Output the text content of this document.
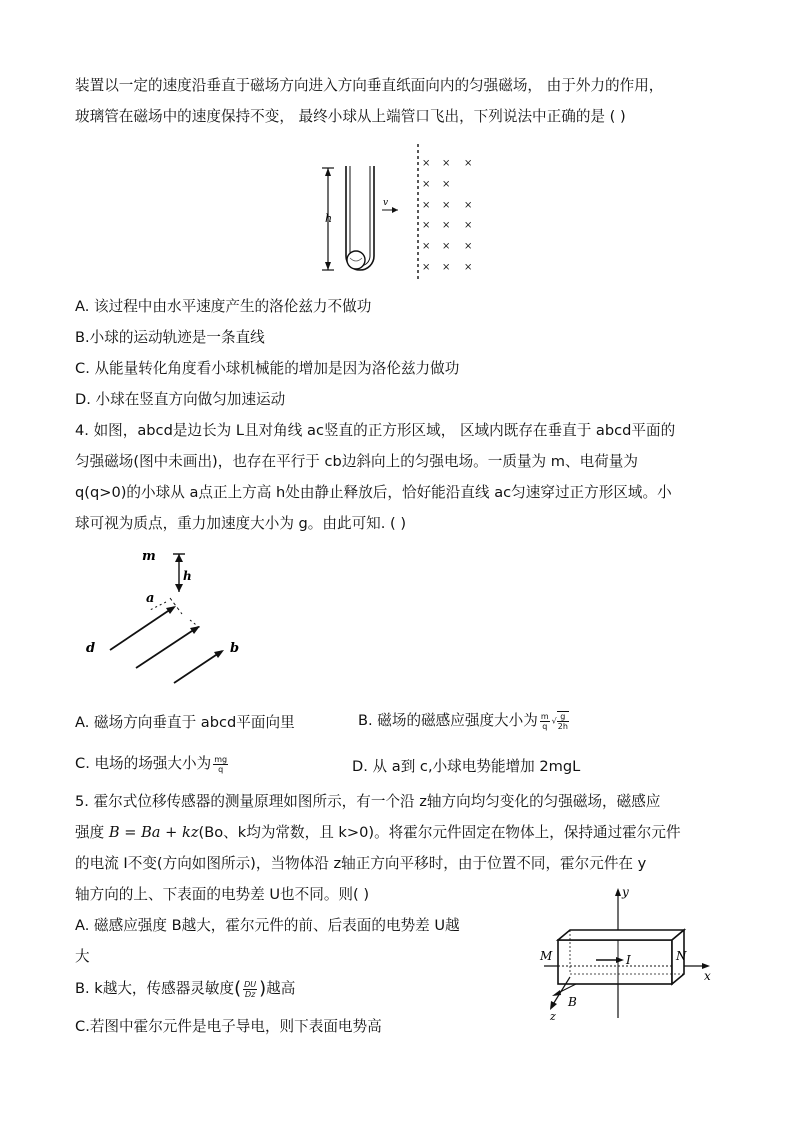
装置以一定的速度沿垂直于磁场方向进入方向垂直纸面向内的匀强磁场， 由于外力的作用，
玻璃管在磁场中的速度保持不变， 最终小球从上端管口飞出，下列说法中正确的是 ( )
h
v
× × ×
× ×
× × ×
× × ×
× × ×
× × ×
A. 该过程中由水平速度产生的洛伦兹力不做功
B.小球的运动轨迹是一条直线
C. 从能量转化角度看小球机械能的增加是因为洛伦兹力做功
D. 小球在竖直方向做匀加速运动
4. 如图，abcd是边长为 L且对角线 ac竖直的正方形区域， 区域内既存在垂直于 abcd平面的
匀强磁场(图中未画出)，也存在平行于 cb边斜向上的匀强电场。一质量为 m、电荷量为
q(q>0)的小球从 a点正上方高 h处由静止释放后，恰好能沿直线 ac匀速穿过正方形区域。小
球可视为质点，重力加速度大小为 g。由此可知. ( )
m
h
a
d	b
A. 磁场方向垂直于 abcd平面向里	B. 磁场的磁感应强度大小为 $\frac{m}{q}$ √ $\frac{g}{2h}$
C. 电场的场强大小为 $\frac{mg}{q}$	D. 从 a到 c,小球电势能增加 2mgL
5. 霍尔式位移传感器的测量原理如图所示，有一个沿 z轴方向均匀变化的匀强磁场，磁感应
强度 B = Ba + kz(Bo、k均为常数，且 k>0)。将霍尔元件固定在物体上，保持通过霍尔元件
的电流 I不变(方向如图所示)，当物体沿 z轴正方向平移时，由于位置不同，霍尔元件在 y
轴方向的上、下表面的电势差 U也不同。则( )
A. 磁感应强度 B越大，霍尔元件的前、后表面的电势差 U越
大
B. k越大，传感器灵敏度( $\frac{DU}{Dz}$ )越高
C.若图中霍尔元件是电子导电，则下表面电势高
y
x
I
M	N
B
z
